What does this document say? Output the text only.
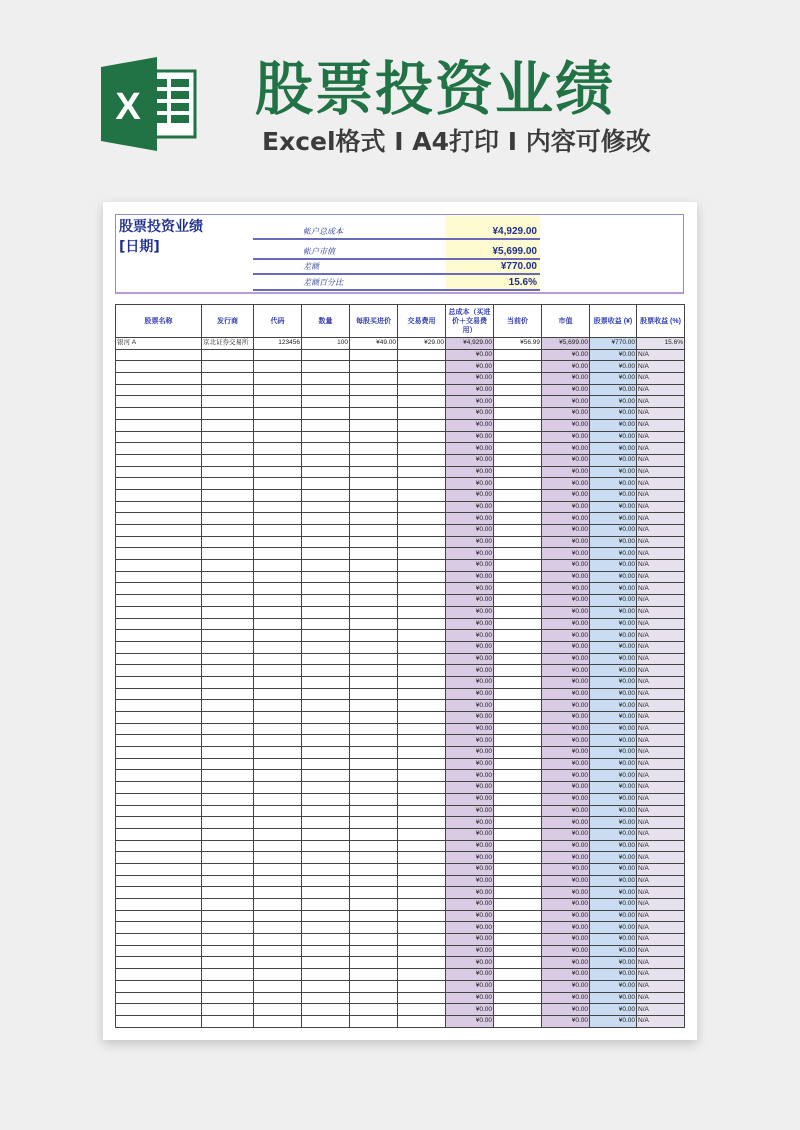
X 股票投资业绩
Excel格式 Ⅰ A4打印 Ⅰ 内容可修改
股票投资业绩
[日期]
帐户总成本	¥4,929.00
帐户市值	¥5,699.00
差额	¥770.00
差额百分比	15.6%
股票名称	发行商	代码	数量	每股买进价	交易费用	总成本（买进价＋交易费用）	当前价	市值	股票收益 (¥)	股票收益 (%)
银河 A	京北证券交易所	123456	100	¥49.00	¥29.00	¥4,929.00	¥56.99	¥5,699.00	¥770.00	15.6%
						¥0.00		¥0.00	¥0.00	N/A
						¥0.00		¥0.00	¥0.00	N/A
						¥0.00		¥0.00	¥0.00	N/A
						¥0.00		¥0.00	¥0.00	N/A
						¥0.00		¥0.00	¥0.00	N/A
						¥0.00		¥0.00	¥0.00	N/A
						¥0.00		¥0.00	¥0.00	N/A
						¥0.00		¥0.00	¥0.00	N/A
						¥0.00		¥0.00	¥0.00	N/A
						¥0.00		¥0.00	¥0.00	N/A
						¥0.00		¥0.00	¥0.00	N/A
						¥0.00		¥0.00	¥0.00	N/A
						¥0.00		¥0.00	¥0.00	N/A
						¥0.00		¥0.00	¥0.00	N/A
						¥0.00		¥0.00	¥0.00	N/A
						¥0.00		¥0.00	¥0.00	N/A
						¥0.00		¥0.00	¥0.00	N/A
						¥0.00		¥0.00	¥0.00	N/A
						¥0.00		¥0.00	¥0.00	N/A
						¥0.00		¥0.00	¥0.00	N/A
						¥0.00		¥0.00	¥0.00	N/A
						¥0.00		¥0.00	¥0.00	N/A
						¥0.00		¥0.00	¥0.00	N/A
						¥0.00		¥0.00	¥0.00	N/A
						¥0.00		¥0.00	¥0.00	N/A
						¥0.00		¥0.00	¥0.00	N/A
						¥0.00		¥0.00	¥0.00	N/A
						¥0.00		¥0.00	¥0.00	N/A
						¥0.00		¥0.00	¥0.00	N/A
						¥0.00		¥0.00	¥0.00	N/A
						¥0.00		¥0.00	¥0.00	N/A
						¥0.00		¥0.00	¥0.00	N/A
						¥0.00		¥0.00	¥0.00	N/A
						¥0.00		¥0.00	¥0.00	N/A
						¥0.00		¥0.00	¥0.00	N/A
						¥0.00		¥0.00	¥0.00	N/A
						¥0.00		¥0.00	¥0.00	N/A
						¥0.00		¥0.00	¥0.00	N/A
						¥0.00		¥0.00	¥0.00	N/A
						¥0.00		¥0.00	¥0.00	N/A
						¥0.00		¥0.00	¥0.00	N/A
						¥0.00		¥0.00	¥0.00	N/A
						¥0.00		¥0.00	¥0.00	N/A
						¥0.00		¥0.00	¥0.00	N/A
						¥0.00		¥0.00	¥0.00	N/A
						¥0.00		¥0.00	¥0.00	N/A
						¥0.00		¥0.00	¥0.00	N/A
						¥0.00		¥0.00	¥0.00	N/A
						¥0.00		¥0.00	¥0.00	N/A
						¥0.00		¥0.00	¥0.00	N/A
						¥0.00		¥0.00	¥0.00	N/A
						¥0.00		¥0.00	¥0.00	N/A
						¥0.00		¥0.00	¥0.00	N/A
						¥0.00		¥0.00	¥0.00	N/A
						¥0.00		¥0.00	¥0.00	N/A
						¥0.00		¥0.00	¥0.00	N/A
						¥0.00		¥0.00	¥0.00	N/A
						¥0.00		¥0.00	¥0.00	N/A
